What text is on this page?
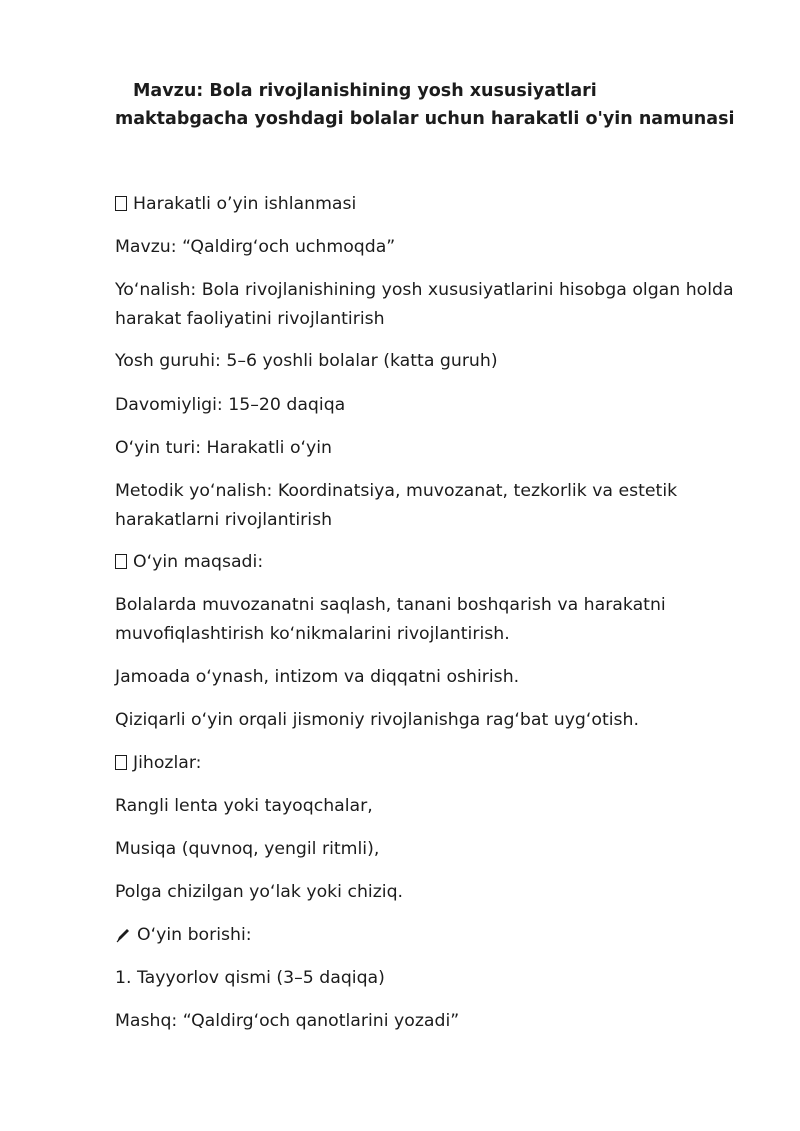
Mavzu: Bola rivojlanishining yosh xususiyatlari maktabgacha yoshdagi bolalar uchun harakatli o'yin namunasi

Harakatli o’yin ishlanmasi

Mavzu: “Qaldirg‘och uchmoqda”

Yo‘nalish: Bola rivojlanishining yosh xususiyatlarini hisobga olgan holda harakat faoliyatini rivojlantirish

Yosh guruhi: 5–6 yoshli bolalar (katta guruh)

Davomiyligi: 15–20 daqiqa

O‘yin turi: Harakatli o‘yin

Metodik yo‘nalish: Koordinatsiya, muvozanat, tezkorlik va estetik harakatlarni rivojlantirish

O‘yin maqsadi:

Bolalarda muvozanatni saqlash, tanani boshqarish va harakatni muvofiqlashtirish ko‘nikmalarini rivojlantirish.

Jamoada o‘ynash, intizom va diqqatni oshirish.

Qiziqarli o‘yin orqali jismoniy rivojlanishga rag‘bat uyg‘otish.

Jihozlar:

Rangli lenta yoki tayoqchalar,

Musiqa (quvnoq, yengil ritmli),

Polga chizilgan yo‘lak yoki chiziq.

O‘yin borishi:

1. Tayyorlov qismi (3–5 daqiqa)

Mashq: “Qaldirg‘och qanotlarini yozadi”
